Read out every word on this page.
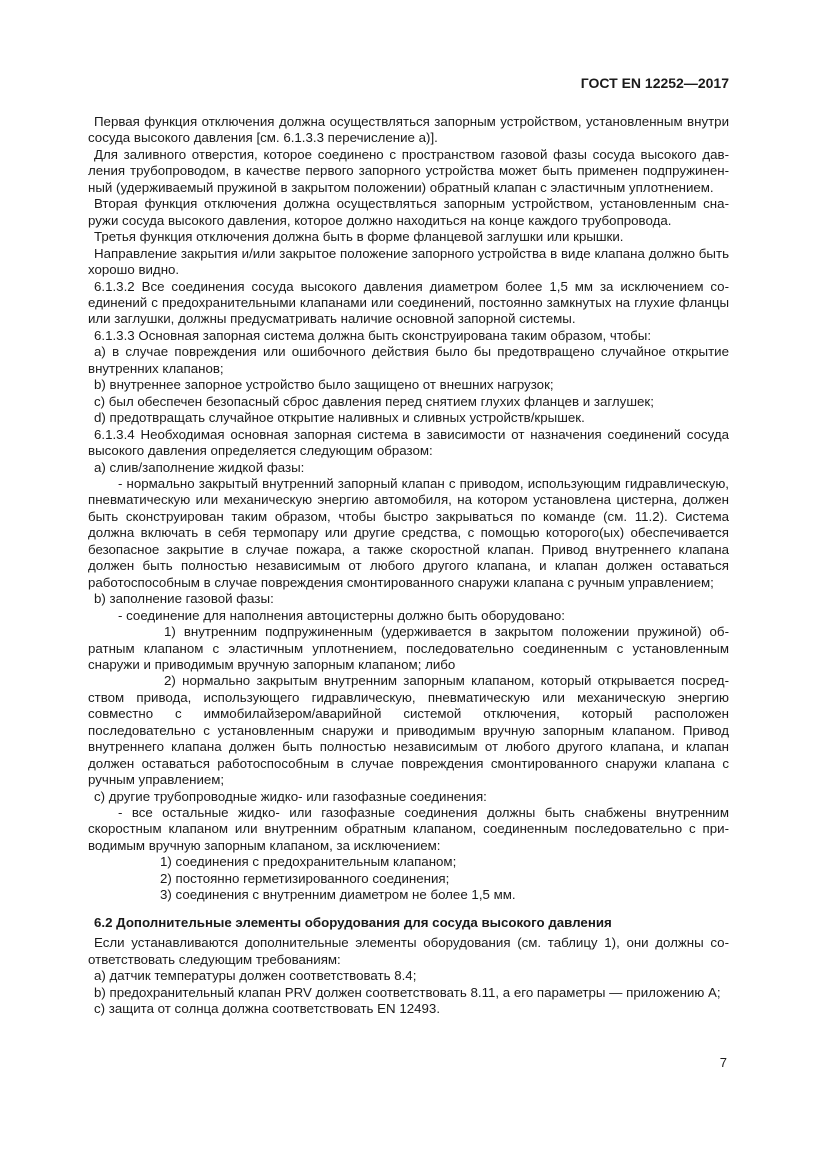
ГОСТ EN 12252—2017

Первая функция отключения должна осуществляться запорным устройством, установленным внутри сосуда высокого давления [см. 6.1.3.3 перечисление а)].

Для заливного отверстия, которое соединено с пространством газовой фазы сосуда высокого давления трубопроводом, в качестве первого запорного устройства может быть применен подпружиненный (удерживаемый пружиной в закрытом положении) обратный клапан с эластичным уплотнением.

Вторая функция отключения должна осуществляться запорным устройством, установленным снаружи сосуда высокого давления, которое должно находиться на конце каждого трубопровода.

Третья функция отключения должна быть в форме фланцевой заглушки или крышки.

Направление закрытия и/или закрытое положение запорного устройства в виде клапана должно быть хорошо видно.

6.1.3.2 Все соединения сосуда высокого давления диаметром более 1,5 мм за исключением соединений с предохранительными клапанами или соединений, постоянно замкнутых на глухие фланцы или заглушки, должны предусматривать наличие основной запорной системы.

6.1.3.3 Основная запорная система должна быть сконструирована таким образом, чтобы:

а) в случае повреждения или ошибочного действия было бы предотвращено случайное открытие внутренних клапанов;

b) внутреннее запорное устройство было защищено от внешних нагрузок;

с) был обеспечен безопасный сброс давления перед снятием глухих фланцев и заглушек;

d) предотвращать случайное открытие наливных и сливных устройств/крышек.

6.1.3.4 Необходимая основная запорная система в зависимости от назначения соединений сосуда высокого давления определяется следующим образом:

а) слив/заполнение жидкой фазы:

- нормально закрытый внутренний запорный клапан с приводом, использующим гидравлическую, пневматическую или механическую энергию автомобиля, на котором установлена цистерна, должен быть сконструирован таким образом, чтобы быстро закрываться по команде (см. 11.2). Система должна включать в себя термопару или другие средства, с помощью которого(ых) обеспечивается безопасное закрытие в случае пожара, а также скоростной клапан. Привод внутреннего клапана должен быть полностью независимым от любого другого клапана, и клапан должен оставаться работоспособным в случае повреждения смонтированного снаружи клапана с ручным управлением;

b) заполнение газовой фазы:

- соединение для наполнения автоцистерны должно быть оборудовано:

1) внутренним подпружиненным (удерживается в закрытом положении пружиной) обратным клапаном с эластичным уплотнением, последовательно соединенным с установленным снаружи и приводимым вручную запорным клапаном; либо

2) нормально закрытым внутренним запорным клапаном, который открывается посредством привода, использующего гидравлическую, пневматическую или механическую энергию совместно с иммобилайзером/аварийной системой отключения, который расположен последовательно с установленным снаружи и приводимым вручную запорным клапаном. Привод внутреннего клапана должен быть полностью независимым от любого другого клапана, и клапан должен оставаться работоспособным в случае повреждения смонтированного снаружи клапана с ручным управлением;

с) другие трубопроводные жидко- или газофазные соединения:

- все остальные жидко- или газофазные соединения должны быть снабжены внутренним скоростным клапаном или внутренним обратным клапаном, соединенным последовательно с приводимым вручную запорным клапаном, за исключением:

1) соединения с предохранительным клапаном;

2) постоянно герметизированного соединения;

3) соединения с внутренним диаметром не более 1,5 мм.

6.2 Дополнительные элементы оборудования для сосуда высокого давления

Если устанавливаются дополнительные элементы оборудования (см. таблицу 1), они должны соответствовать следующим требованиям:

а) датчик температуры должен соответствовать 8.4;

b) предохранительный клапан PRV должен соответствовать 8.11, а его параметры — приложению А;

с) защита от солнца должна соответствовать EN 12493.

7
